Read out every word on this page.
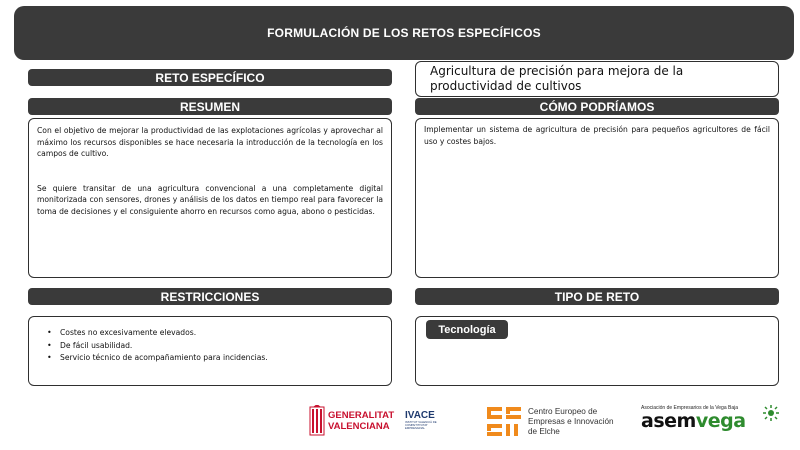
FORMULACIÓN DE LOS RETOS ESPECÍFICOS
RETO ESPECÍFICO	Agricultura de precisión para mejora de la productividad de cultivos
RESUMEN

Con el objetivo de mejorar la productividad de las explotaciones agrícolas y aprovechar al máximo los recursos disponibles se hace necesaria la introducción de la tecnología en los campos de cultivo.

Se quiere transitar de una agricultura convencional a una completamente digital monitorizada con sensores, drones y análisis de los datos en tiempo real para favorecer la toma de decisiones y el consiguiente ahorro en recursos como agua, abono o pesticidas.

CÓMO PODRÍAMOS

Implementar un sistema de agricultura de precisión para pequeños agricultores de fácil uso y costes bajos.

RESTRICCIONES
• Costes no excesivamente elevados.
• De fácil usabilidad.
• Servicio técnico de acompañamiento para incidencias.
TIPO DE RETO
Tecnología
GENERALITAT
VALENCIANA
IVACE
INSTITUT VALENCIÀ DE COMPETITIVITAT EMPRESARIAL
Centro Europeo de
Empresas e Innovación
de Elche
Asociación de Empresarios de la Vega Baja
asemvega
